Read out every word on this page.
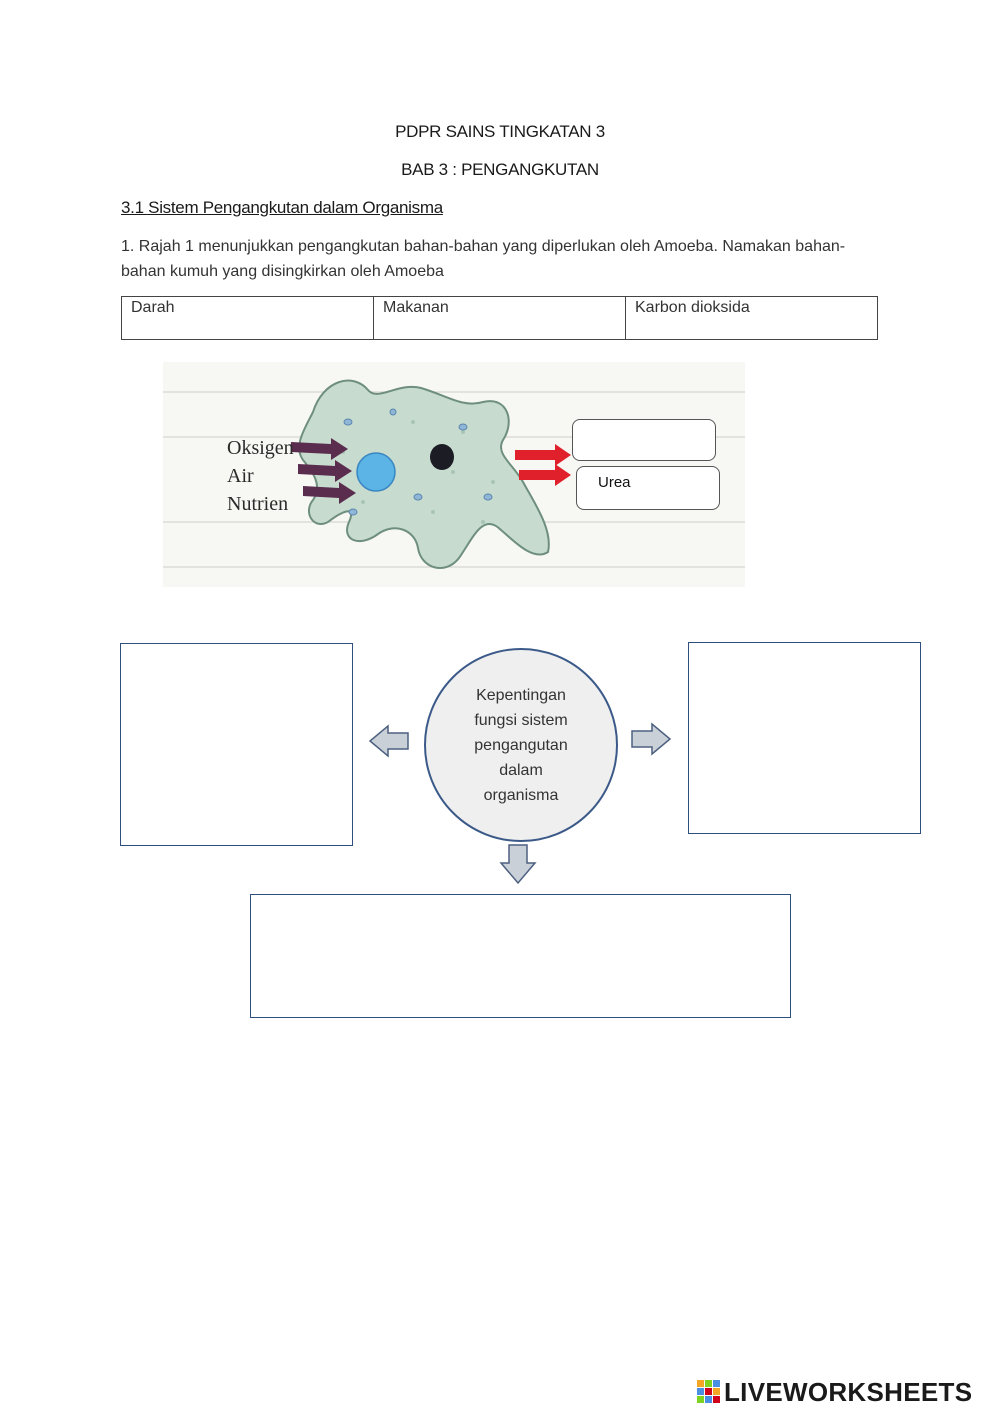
PDPR SAINS TINGKATAN 3
BAB 3 : PENGANGKUTAN
3.1 Sistem Pengangkutan dalam Organisma
1. Rajah 1 menunjukkan pengangkutan bahan-bahan yang diperlukan oleh Amoeba. Namakan bahan-bahan kumuh yang disingkirkan oleh Amoeba
Darah	Makanan	Karbon dioksida
Oksigen
Air
Nutrien
Urea
Kepentingan
fungsi sistem
pengangutan
dalam
organisma
LIVEWORKSHEETS
